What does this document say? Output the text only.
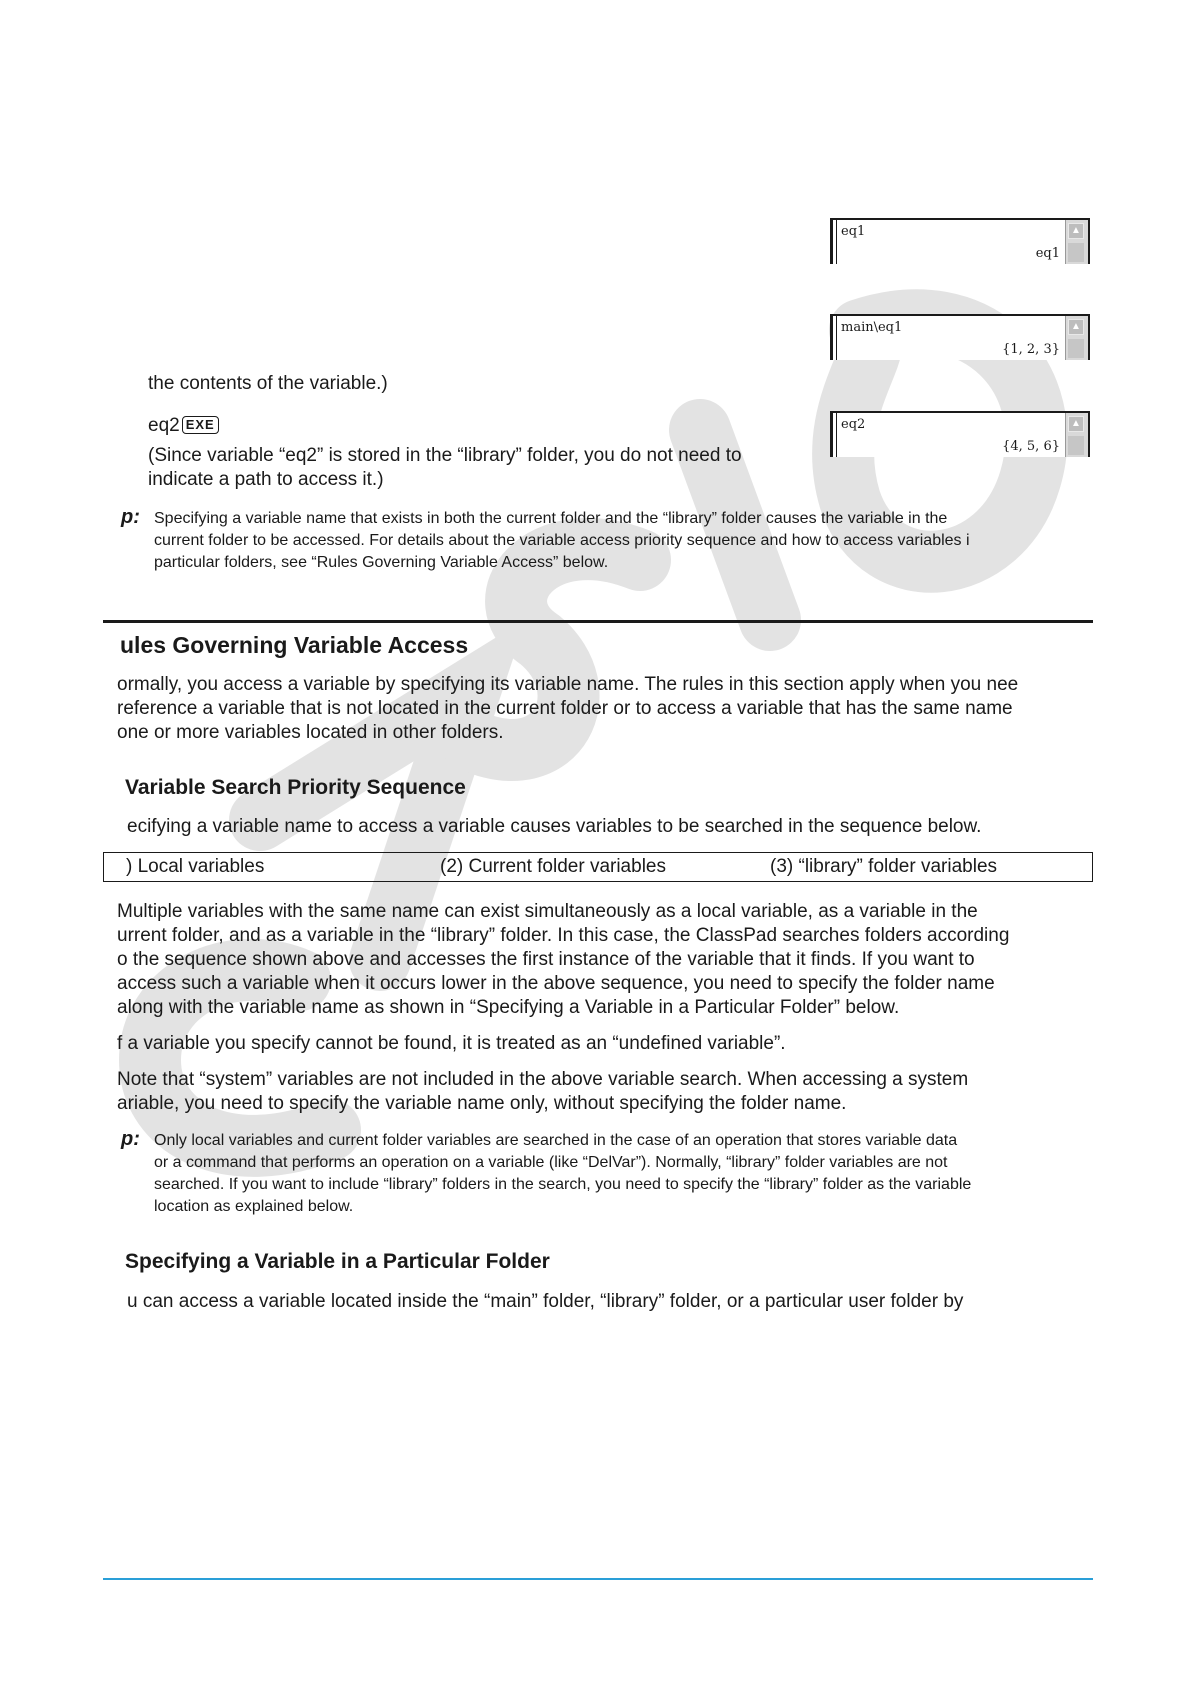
eq1
eq1
▲
main\eq1
{1, 2, 3}
▲
eq2
{4, 5, 6}
▲
the contents of the variable.)
eq2 EXE
(Since variable “eq2” is stored in the “library” folder, you do not need to
indicate a path to access it.)
p: Specifying a variable name that exists in both the current folder and the “library” folder causes the variable in the
current folder to be accessed. For details about the variable access priority sequence and how to access variables i
particular folders, see “Rules Governing Variable Access” below.
ules Governing Variable Access
ormally, you access a variable by specifying its variable name. The rules in this section apply when you nee
reference a variable that is not located in the current folder or to access a variable that has the same name
one or more variables located in other folders.
Variable Search Priority Sequence
ecifying a variable name to access a variable causes variables to be searched in the sequence below.
) Local variables	(2) Current folder variables	(3) “library” folder variables
Multiple variables with the same name can exist simultaneously as a local variable, as a variable in the
urrent folder, and as a variable in the “library” folder. In this case, the ClassPad searches folders according
o the sequence shown above and accesses the first instance of the variable that it finds. If you want to
access such a variable when it occurs lower in the above sequence, you need to specify the folder name
along with the variable name as shown in “Specifying a Variable in a Particular Folder” below.
f a variable you specify cannot be found, it is treated as an “undefined variable”.
Note that “system” variables are not included in the above variable search. When accessing a system
ariable, you need to specify the variable name only, without specifying the folder name.
p: Only local variables and current folder variables are searched in the case of an operation that stores variable data
or a command that performs an operation on a variable (like “DelVar”). Normally, “library” folder variables are not
searched. If you want to include “library” folders in the search, you need to specify the “library” folder as the variable
location as explained below.
Specifying a Variable in a Particular Folder
u can access a variable located inside the “main” folder, “library” folder, or a particular user folder by
